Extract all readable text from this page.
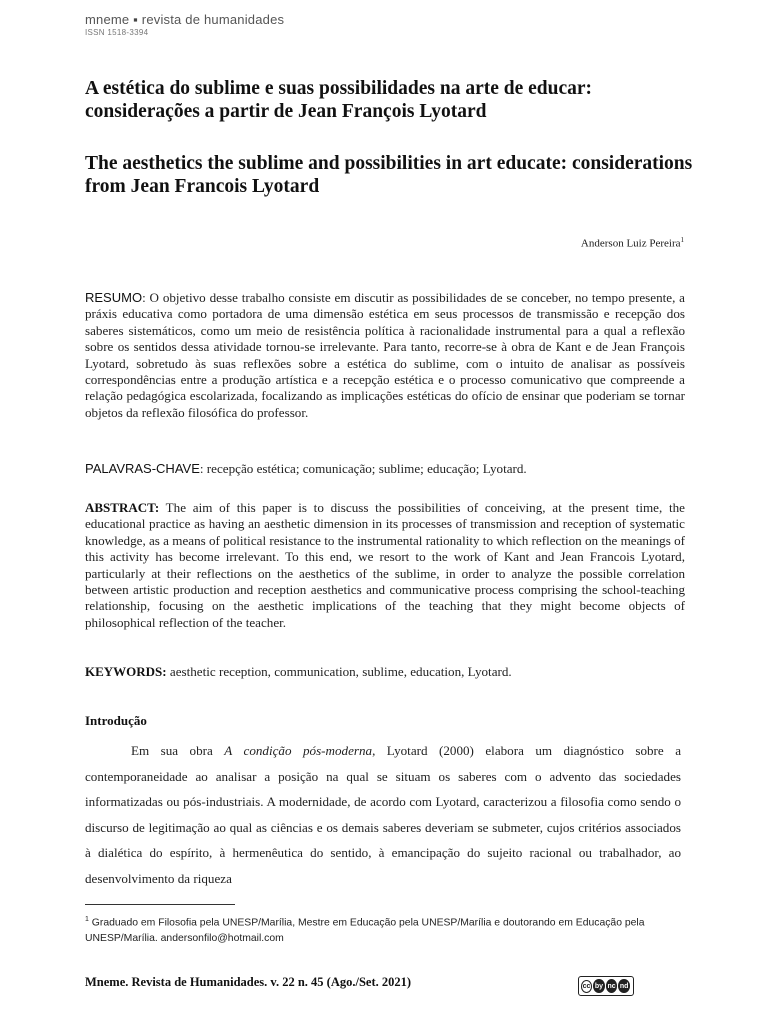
mneme ▪ revista de humanidades
ISSN 1518-3394
A estética do sublime e suas possibilidades na arte de educar: considerações a partir de Jean François Lyotard
The aesthetics the sublime and possibilities in art educate: considerations from Jean Francois Lyotard
Anderson Luiz Pereira$^1$
RESUMO: O objetivo desse trabalho consiste em discutir as possibilidades de se conceber, no tempo presente, a práxis educativa como portadora de uma dimensão estética em seus processos de transmissão e recepção dos saberes sistemáticos, como um meio de resistência política à racionalidade instrumental para a qual a reflexão sobre os sentidos dessa atividade tornou-se irrelevante. Para tanto, recorre-se à obra de Kant e de Jean François Lyotard, sobretudo às suas reflexões sobre a estética do sublime, com o intuito de analisar as possíveis correspondências entre a produção artística e a recepção estética e o processo comunicativo que compreende a relação pedagógica escolarizada, focalizando as implicações estéticas do ofício de ensinar que poderiam se tornar objetos da reflexão filosófica do professor.
PALAVRAS-CHAVE: recepção estética; comunicação; sublime; educação; Lyotard.
ABSTRACT: The aim of this paper is to discuss the possibilities of conceiving, at the present time, the educational practice as having an aesthetic dimension in its processes of transmission and reception of systematic knowledge, as a means of political resistance to the instrumental rationality to which reflection on the meanings of this activity has become irrelevant. To this end, we resort to the work of Kant and Jean Francois Lyotard, particularly at their reflections on the aesthetics of the sublime, in order to analyze the possible correlation between artistic production and reception aesthetics and communicative process comprising the school-teaching relationship, focusing on the aesthetic implications of the teaching that they might become objects of philosophical reflection of the teacher.
KEYWORDS: aesthetic reception, communication, sublime, education, Lyotard.
Introdução

Em sua obra A condição pós-moderna, Lyotard (2000) elabora um diagnóstico sobre a contemporaneidade ao analisar a posição na qual se situam os saberes com o advento das sociedades informatizadas ou pós-industriais. A modernidade, de acordo com Lyotard, caracterizou a filosofia como sendo o discurso de legitimação ao qual as ciências e os demais saberes deveriam se submeter, cujos critérios associados à dialética do espírito, à hermenêutica do sentido, à emancipação do sujeito racional ou trabalhador, ao desenvolvimento da riqueza

$^1$ Graduado em Filosofia pela UNESP/Marília, Mestre em Educação pela UNESP/Marília e doutorando em Educação pela UNESP/Marília. andersonfilo@hotmail.com
Mneme. Revista de Humanidades. v. 22 n. 45 (Ago./Set. 2021)	cc by nc nd
